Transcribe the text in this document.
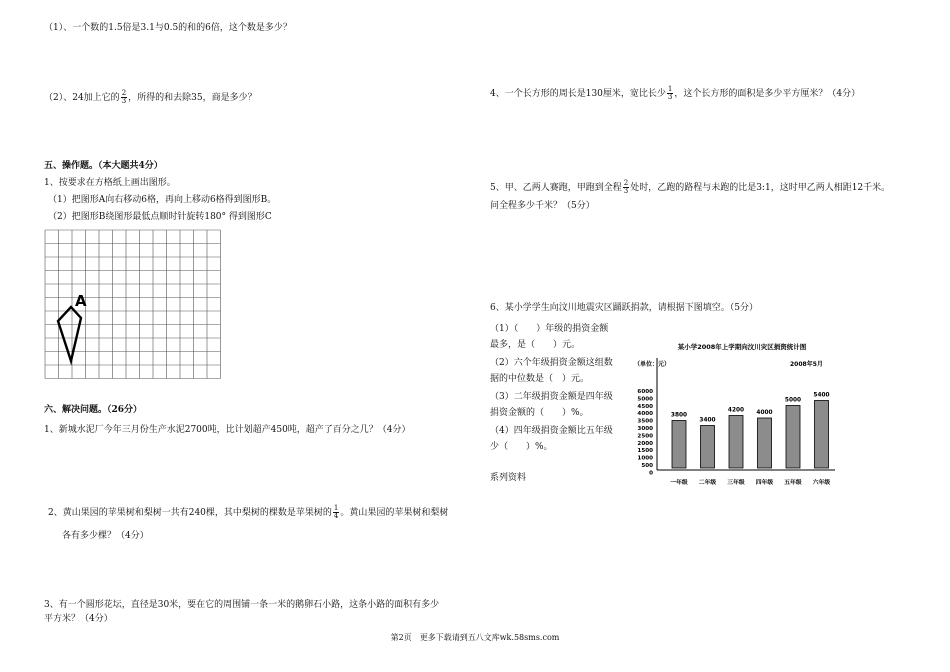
（1）、一个数的1.5倍是3.1与0.5的和的6倍，这个数是多少？
（2）、24加上它的 $\frac{2}{3}$ ，所得的和去除35，商是多少？
五、操作题。（本大题共4分）
1、按要求在方格纸上画出图形。
（1）把图形A向右移动6格，再向上移动6格得到图形B。
（2）把图形B绕图形最低点顺时针旋转180° 得到图形C
A
六、解决问题。（26分）
1、新城水泥厂今年三月份生产水泥2700吨，比计划超产450吨，超产了百分之几？（4分）
2、黄山果园的苹果树和梨树一共有240棵，其中梨树的棵数是苹果树的 $\frac{1}{4}$ 。黄山果园的苹果树和梨树
各有多少棵？（4分）
3、有一个圆形花坛，直径是30米，要在它的周围铺一条一米的鹅卵石小路，这条小路的面积有多少
平方米？（4分）
4、一个长方形的周长是130厘米，宽比长少 $\frac{1}{3}$ ，这个长方形的面积是多少平方厘米？（4分）
5、甲、乙两人赛跑，甲跑到全程 $\frac{2}{3}$ 处时，乙跑的路程与未跑的比是3:1，这时甲乙两人相距12千米。
问全程多少千米？（5分）
6、某小学学生向汶川地震灾区踊跃捐款，请根据下图填空。（5分）
（1）（　　）年级的捐资金额
最多，是（　　）元。
（2）六个年级捐资金额这组数
据的中位数是（　）元。
（3）二年级捐资金额是四年级
捐资金额的（　　）%。
（4）四年级捐资金额比五年级
少（　　）%。
系列资料
某小学2008年上学期向汶川灾区捐资统计图
（单位：元）	2008年5月
6000
5000
4500
4000
3500
3000
2500
2000
1500
1000
500
0
3800
一年级
3400
二年级
4200
三年级
4000
四年级
5000
五年级
5400
六年级
第2页　更多下载请到五八文库wk.58sms.com
